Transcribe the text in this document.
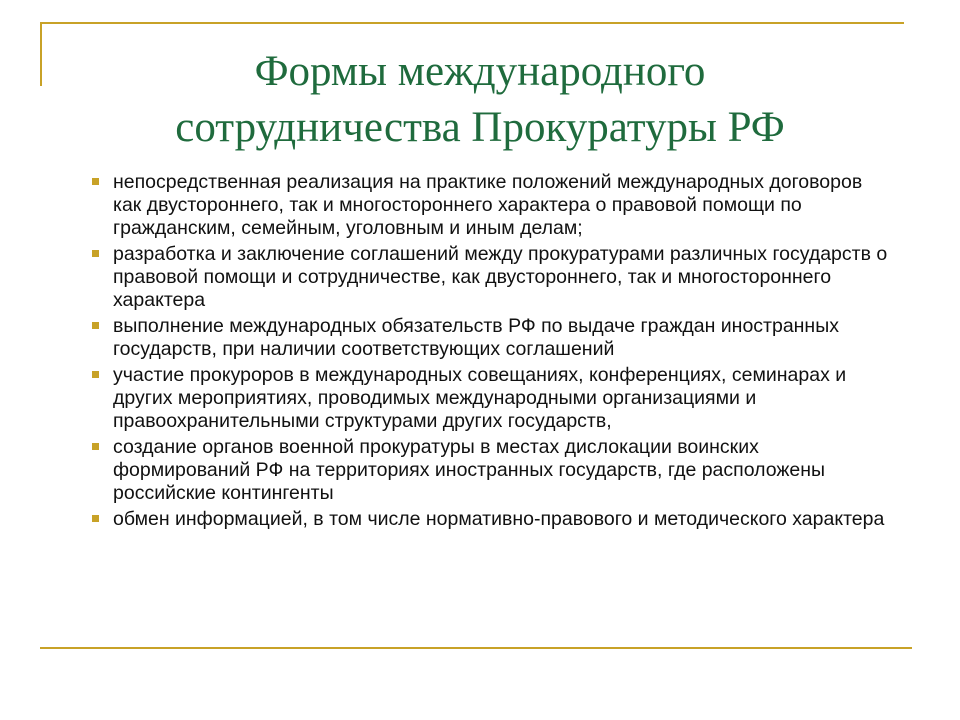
Формы международного
сотрудничества Прокуратуры РФ
непосредственная реализация на практике положений международных договоров как двустороннего, так и многостороннего характера о правовой помощи по гражданским, семейным, уголовным и иным делам;
разработка и заключение соглашений между прокуратурами различных государств о правовой помощи и сотрудничестве, как двустороннего, так и многостороннего характера
выполнение международных обязательств РФ по выдаче граждан иностранных государств, при наличии соответствующих соглашений
участие прокуроров в международных совещаниях, конференциях, семинарах и других мероприятиях, проводимых международными организациями и правоохранительными структурами других государств,
создание органов военной прокуратуры в местах дислокации воинских формирований РФ на территориях иностранных государств, где расположены российские контингенты
обмен информацией, в том числе нормативно-правового и методического характера
